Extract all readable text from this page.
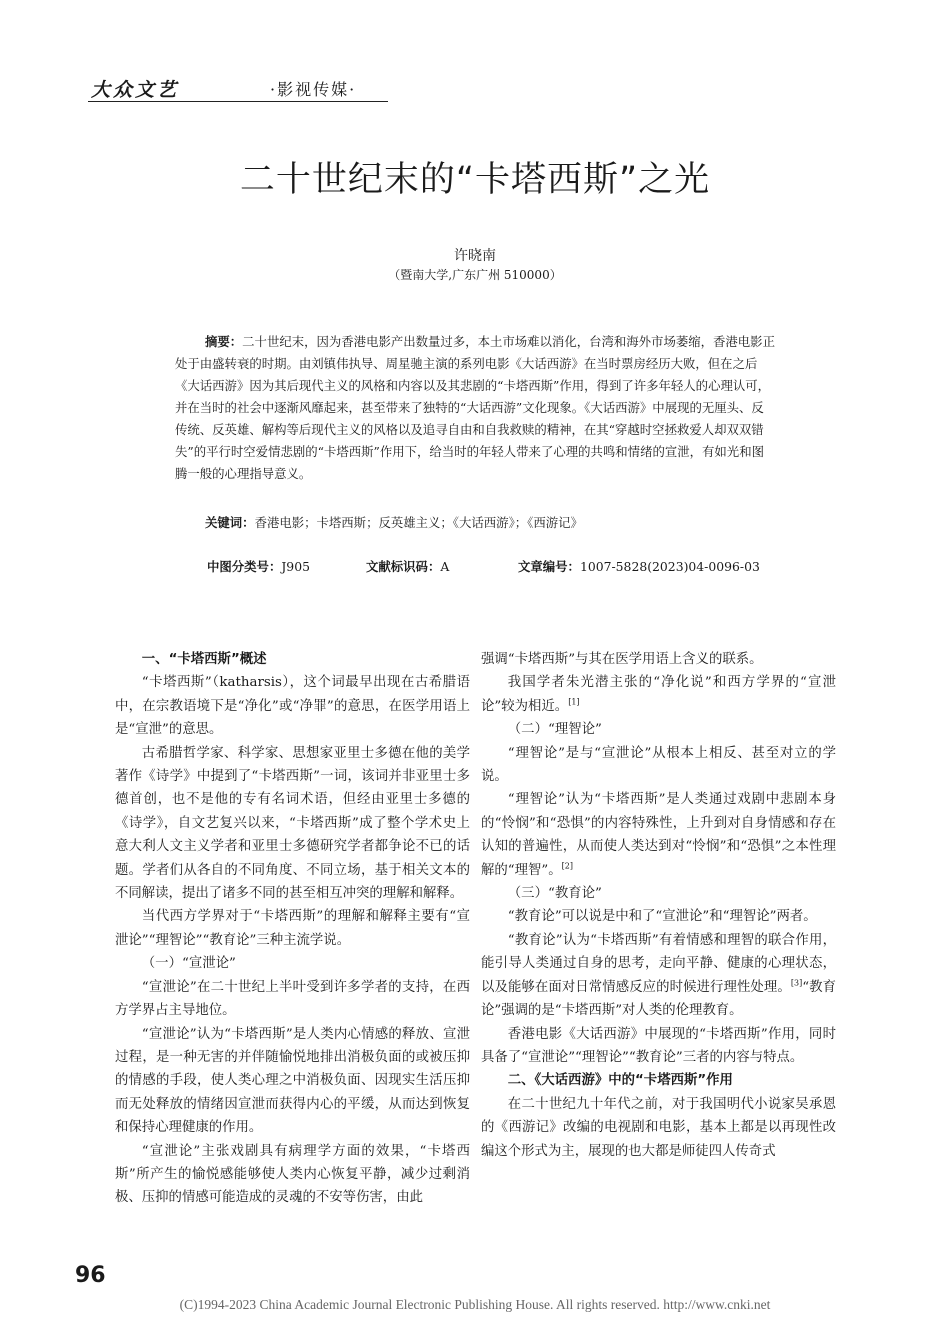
大众文艺	·影视传媒·
二十世纪末的“卡塔西斯”之光
许晓南
（暨南大学,广东广州 510000）
摘要：二十世纪末，因为香港电影产出数量过多，本土市场难以消化，台湾和海外市场萎缩，香港电影正处于由盛转衰的时期。由刘镇伟执导、周星驰主演的系列电影《大话西游》在当时票房经历大败，但在之后《大话西游》因为其后现代主义的风格和内容以及其悲剧的“卡塔西斯”作用，得到了许多年轻人的心理认可，并在当时的社会中逐渐风靡起来，甚至带来了独特的“大话西游”文化现象。《大话西游》中展现的无厘头、反传统、反英雄、解构等后现代主义的风格以及追寻自由和自我救赎的精神，在其“穿越时空拯救爱人却双双错失”的平行时空爱情悲剧的“卡塔西斯”作用下，给当时的年轻人带来了心理的共鸣和情绪的宣泄，有如光和图腾一般的心理指导意义。
关键词：香港电影；卡塔西斯；反英雄主义；《大话西游》；《西游记》
中图分类号：J905	文献标识码：A	文章编号：1007-5828(2023)04-0096-03
一、“卡塔西斯”概述

“卡塔西斯”（katharsis），这个词最早出现在古希腊语中，在宗教语境下是“净化”或“净罪”的意思，在医学用语上是“宣泄”的意思。

古希腊哲学家、科学家、思想家亚里士多德在他的美学著作《诗学》中提到了“卡塔西斯”一词，该词并非亚里士多德首创，也不是他的专有名词术语，但经由亚里士多德的《诗学》，自文艺复兴以来，“卡塔西斯”成了整个学术史上意大利人文主义学者和亚里士多德研究学者都争论不已的话题。学者们从各自的不同角度、不同立场，基于相关文本的不同解读，提出了诸多不同的甚至相互冲突的理解和解释。

当代西方学界对于“卡塔西斯”的理解和解释主要有“宣泄论”“理智论”“教育论”三种主流学说。

（一）“宣泄论”

“宣泄论”在二十世纪上半叶受到许多学者的支持，在西方学界占主导地位。

“宣泄论”认为“卡塔西斯”是人类内心情感的释放、宣泄过程，是一种无害的并伴随愉悦地排出消极负面的或被压抑的情感的手段，使人类心理之中消极负面、因现实生活压抑而无处释放的情绪因宣泄而获得内心的平缓，从而达到恢复和保持心理健康的作用。

“宣泄论”主张戏剧具有病理学方面的效果，“卡塔西斯”所产生的愉悦感能够使人类内心恢复平静，减少过剩消极、压抑的情感可能造成的灵魂的不安等伤害，由此

强调“卡塔西斯”与其在医学用语上含义的联系。

我国学者朱光潜主张的“净化说”和西方学界的“宣泄论”较为相近。[1]

（二）“理智论”

“理智论”是与“宣泄论”从根本上相反、甚至对立的学说。

“理智论”认为“卡塔西斯”是人类通过戏剧中悲剧本身的“怜悯”和“恐惧”的内容特殊性，上升到对自身情感和存在认知的普遍性，从而使人类达到对“怜悯”和“恐惧”之本性理解的“理智”。[2]

（三）“教育论”

“教育论”可以说是中和了“宣泄论”和“理智论”两者。

“教育论”认为“卡塔西斯”有着情感和理智的联合作用，能引导人类通过自身的思考，走向平静、健康的心理状态，以及能够在面对日常情感反应的时候进行理性处理。[3]“教育论”强调的是“卡塔西斯”对人类的伦理教育。

香港电影《大话西游》中展现的“卡塔西斯”作用，同时具备了“宣泄论”“理智论”“教育论”三者的内容与特点。

二、《大话西游》中的“卡塔西斯”作用

在二十世纪九十年代之前，对于我国明代小说家吴承恩的《西游记》改编的电视剧和电影，基本上都是以再现性改编这个形式为主，展现的也大都是师徒四人传奇式

96
(C)1994-2023 China Academic Journal Electronic Publishing House. All rights reserved. http://www.cnki.net
